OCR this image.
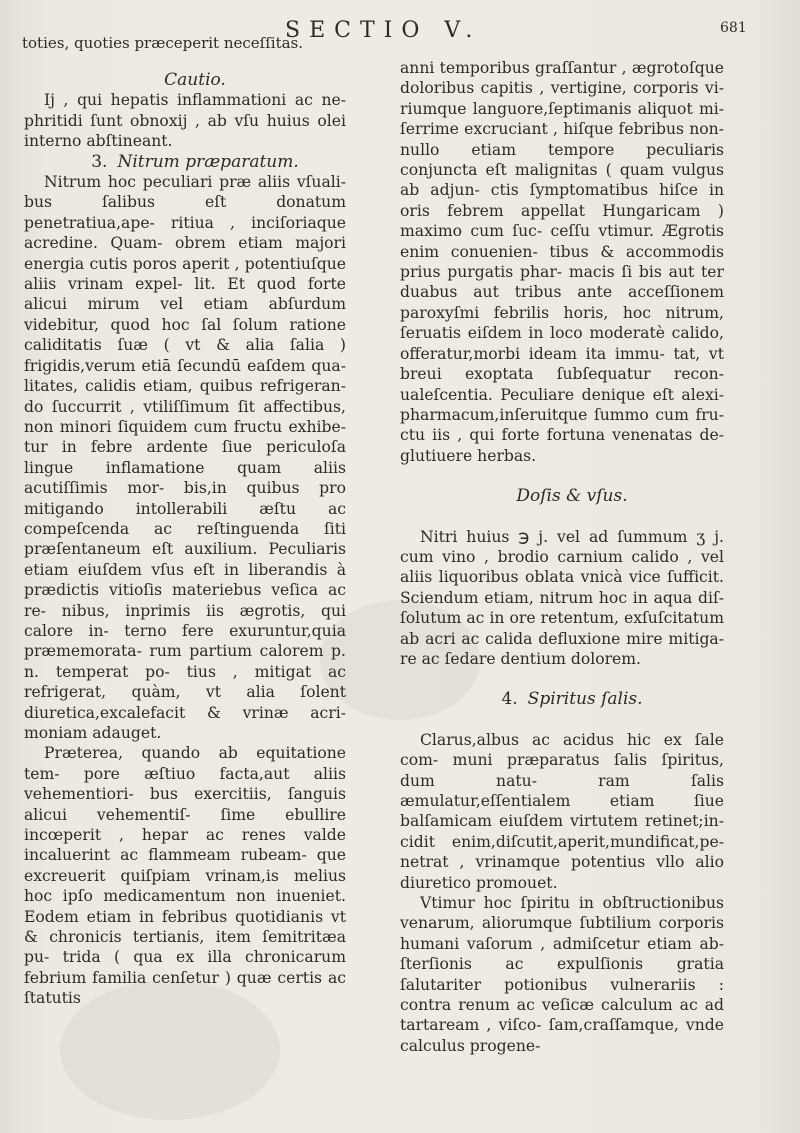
toties, quoties præceperit neceſſitas.
SECTIO V.	681

Cautio.

Ij , qui hepatis inflammationi ac ne- phritidi ſunt obnoxij , ab vſu huius olei interno abſtineant.

3. Nitrum præparatum.

Nitrum hoc peculiari præ aliis vſuali- bus ſalibus eſt donatum penetratiua,ape- ritiua , inciſoriaque acredine. Quam- obrem etiam majori energia cutis poros aperit , potentiuſque aliis vrinam expel- lit. Et quod forte alicui mirum vel etiam abſurdum videbitur, quod hoc ſal ſolum ratione caliditatis ſuæ ( vt & alia ſalia ) frigidis,verum etiā ſecundū eaſdem qua- litates, calidis etiam, quibus refrigeran- do ſuccurrit , vtiliſſimum ſit affectibus, non minori ſiquidem cum fructu exhibe- tur in febre ardente ſiue periculoſa lingue inflamatione quam aliis acutiſſimis mor- bis,in quibus pro mitigando intollerabili æſtu ac compeſcenda ac reſtinguenda ſiti præſentaneum eſt auxilium. Peculiaris etiam eiuſdem vſus eſt in liberandis à prædictis vitioſis materiebus veſica ac re- nibus, inprimis iis ægrotis, qui calore in- terno fere exuruntur,quia præmemorata- rum partium calorem p. n. temperat po- tius , mitigat ac refrigerat, quàm, vt alia ſolent diuretica,excalefacit & vrinæ acri- moniam adauget.

Præterea, quando ab equitatione tem- pore æſtiuo facta,aut aliis vehementiori- bus exercitiis, ſanguis alicui vehementiſ- ſime ebullire incœperit , hepar ac renes valde incaluerint ac flammeam rubeam- que excreuerit quiſpiam vrinam,is melius hoc ipſo medicamentum non inueniet. Eodem etiam in febribus quotidianis vt & chronicis tertianis, item ſemitritæa pu- trida ( qua ex illa chronicarum febrium familia cenſetur ) quæ certis ac ſtatutis

anni temporibus graſſantur , ægrotoſque doloribus capitis , vertigine, corporis vi- riumque languore,ſeptimanis aliquot mi- ſerrime excruciant , hiſque febribus non- nullo etiam tempore peculiaris conjuncta eſt malignitas ( quam vulgus ab adjun- ctis ſymptomatibus hiſce in oris febrem appellat Hungaricam ) maximo cum ſuc- ceſſu vtimur. Ægrotis enim conuenien- tibus & accommodis prius purgatis phar- macis ſi bis aut ter duabus aut tribus ante acceſſionem paroxyſmi febrilis horis, hoc nitrum, ſeruatis eiſdem in loco moderatè calido, offeratur,morbi ideam ita immu- tat, vt breui exoptata ſubſequatur recon- ualeſcentia. Peculiare denique eſt alexi- pharmacum,inſeruitque ſummo cum fru- ctu iis , qui forte fortuna venenatas de- glutiuere herbas.

Doſis & vſus.

Nitri huius ℈ j. vel ad ſummum ʒ j. cum vino , brodio carnium calido , vel aliis liquoribus oblata vnicà vice ſufficit. Sciendum etiam, nitrum hoc in aqua diſ- ſolutum ac in ore retentum, exſuſcitatum ab acri ac calida defluxione mire mitiga- re ac ſedare dentium dolorem.

4. Spiritus ſalis.

Clarus,albus ac acidus hic ex ſale com- muni præparatus ſalis ſpiritus, dum natu- ram ſalis æmulatur,eſſentialem etiam ſiue balſamicam eiuſdem virtutem retinet;in- cidit enim,diſcutit,aperit,mundificat,pe- netrat , vrinamque potentius vllo alio diuretico promouet.

Vtimur hoc ſpiritu in obſtructionibus venarum, aliorumque ſubtilium corporis humani vaſorum , admiſcetur etiam ab- ſterſionis ac expulſionis gratia ſalutariter potionibus vulnerariis : contra renum ac veſicæ calculum ac ad tartaream , viſco- ſam,craſſamque, vnde calculus progene-
